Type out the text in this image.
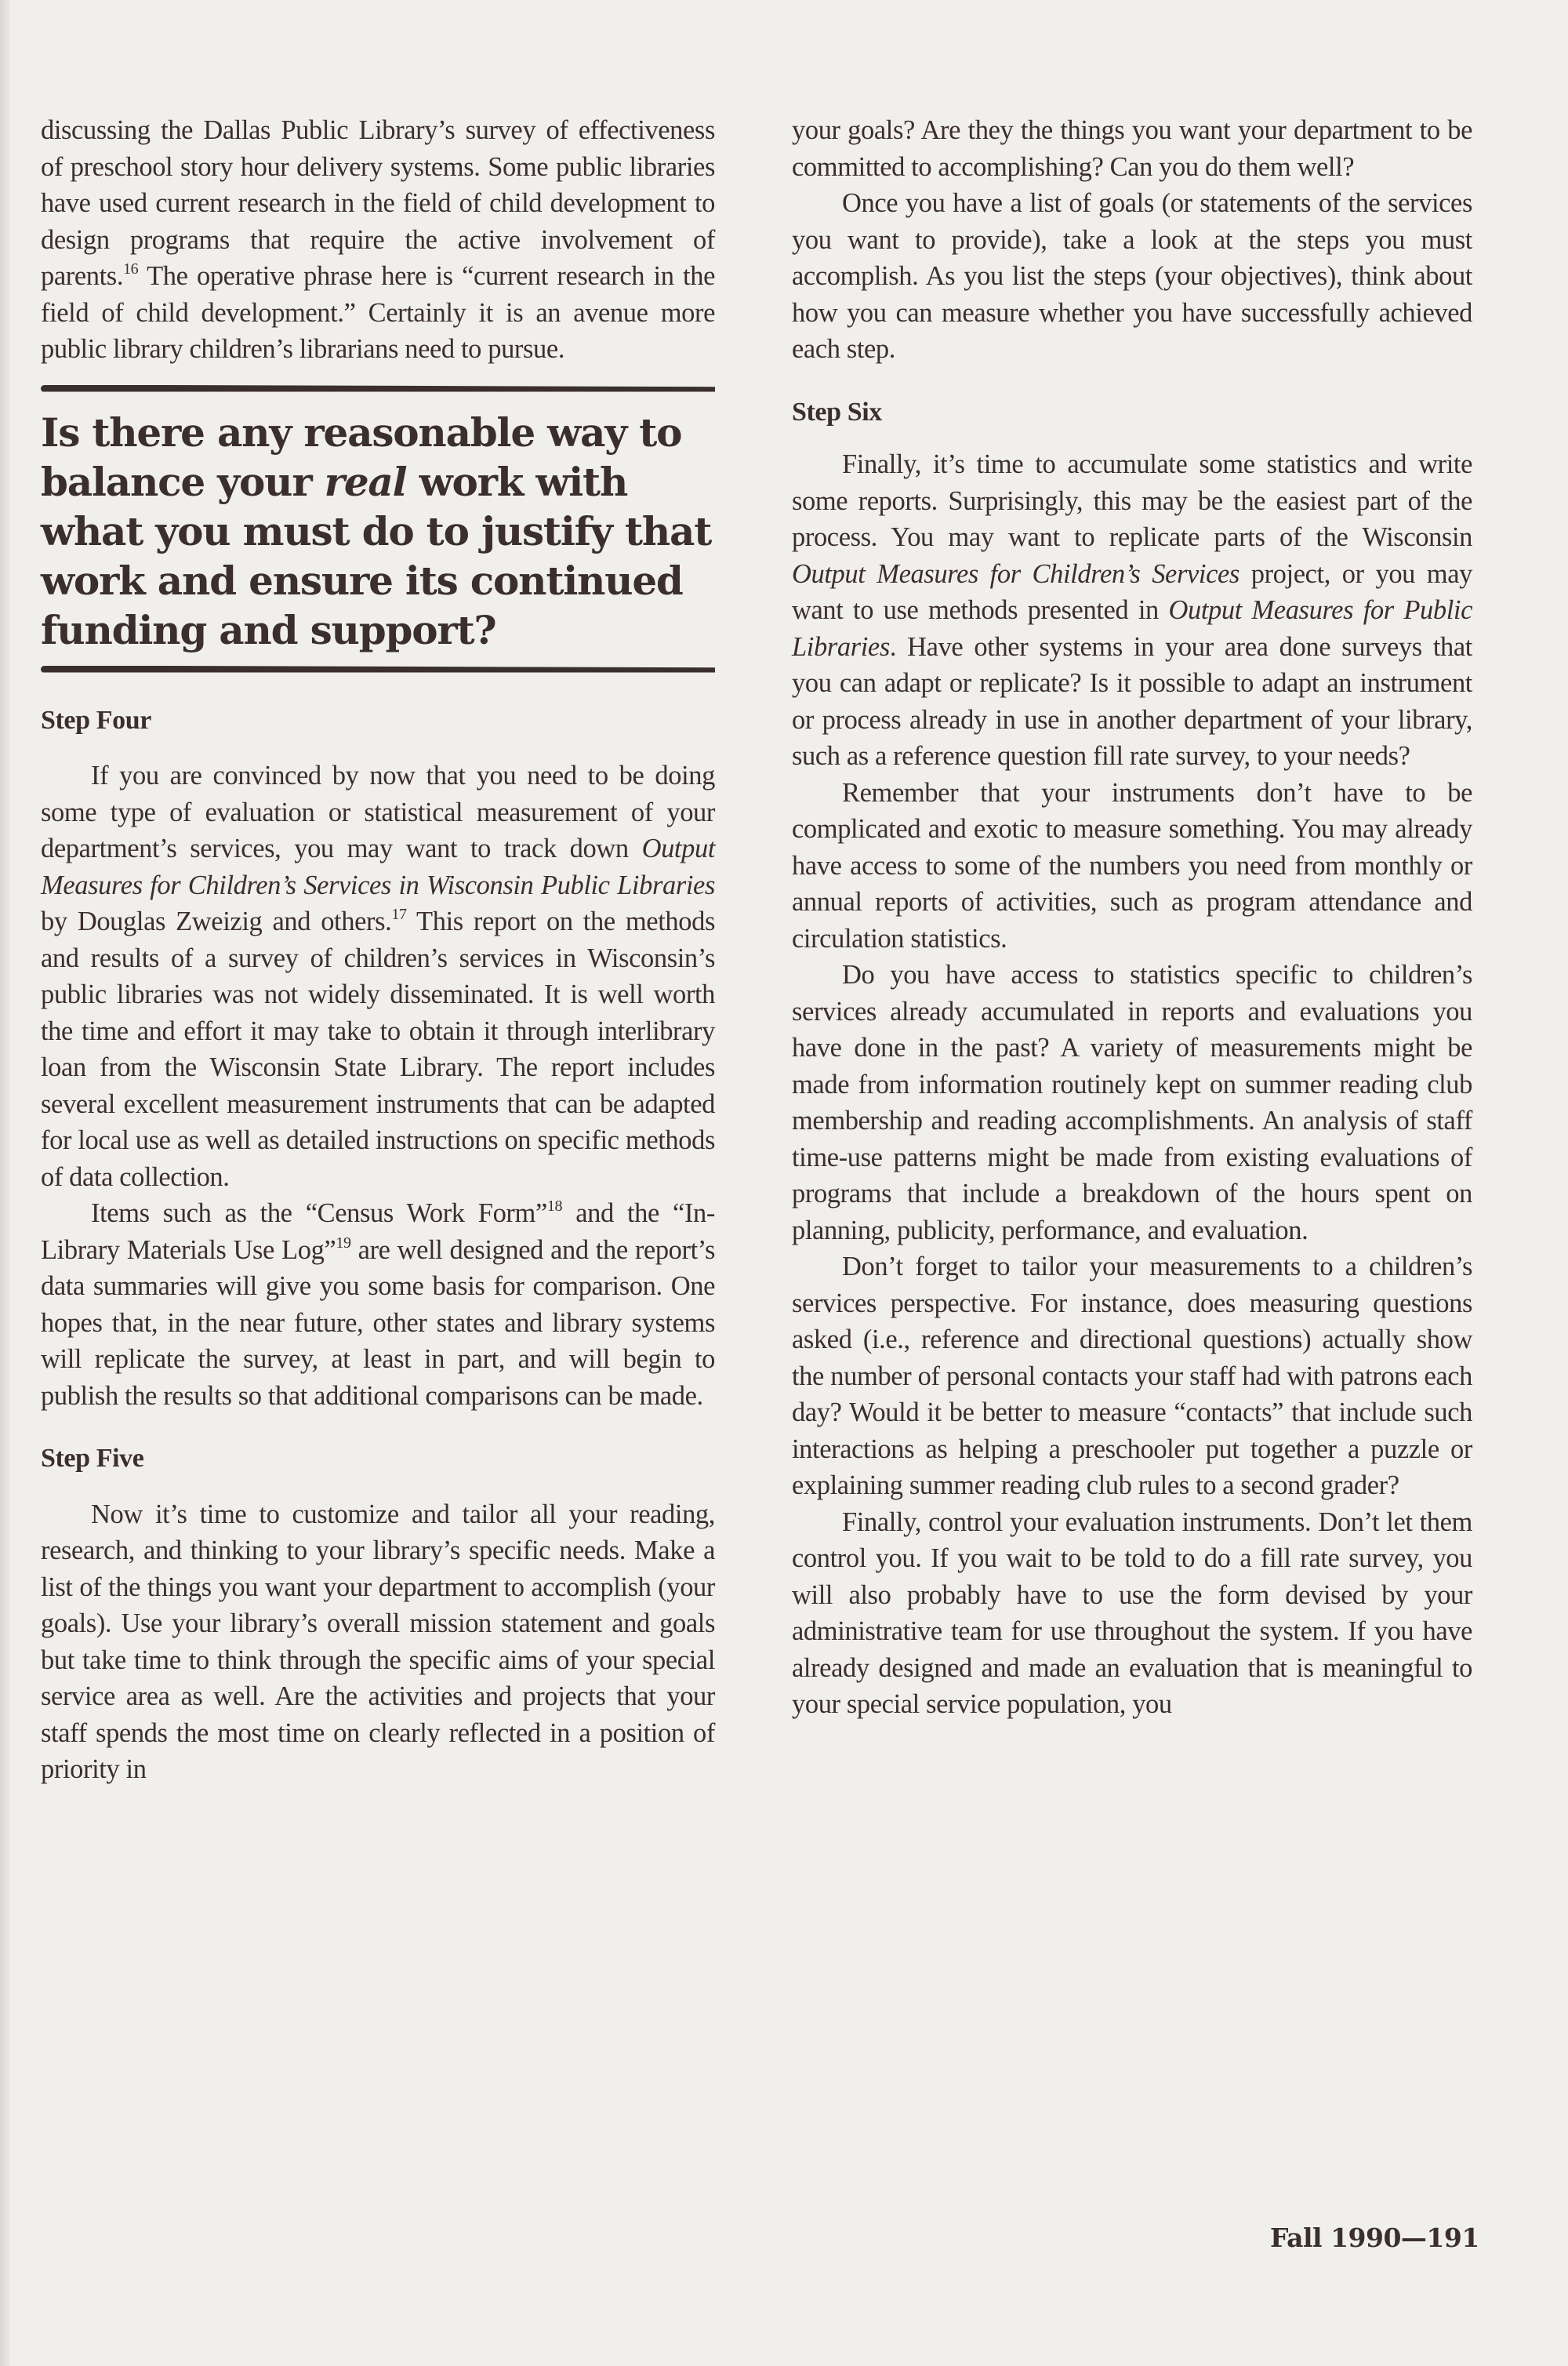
discussing the Dallas Public Library’s survey of effectiveness of preschool story hour delivery systems. Some public libraries have used current research in the field of child development to design programs that require the active involvement of parents.$^{16}$ The operative phrase here is “current research in the field of child development.” Certainly it is an avenue more public library children’s librarians need to pursue.

Is there any reasonable way to balance your real work with what you must do to justify that work and ensure its continued funding and support?

Step Four

If you are convinced by now that you need to be doing some type of evaluation or statistical measurement of your department’s services, you may want to track down Output Measures for Children’s Services in Wisconsin Public Libraries by Douglas Zweizig and others.$^{17}$ This report on the methods and results of a survey of children’s services in Wisconsin’s public libraries was not widely disseminated. It is well worth the time and effort it may take to obtain it through interlibrary loan from the Wisconsin State Library. The report includes several excellent measurement instruments that can be adapted for local use as well as detailed instructions on specific methods of data collection.

Items such as the “Census Work Form”$^{18}$ and the “In-Library Materials Use Log”$^{19}$ are well designed and the report’s data summaries will give you some basis for comparison. One hopes that, in the near future, other states and library systems will replicate the survey, at least in part, and will begin to publish the results so that additional comparisons can be made.

Step Five

Now it’s time to customize and tailor all your reading, research, and thinking to your library’s specific needs. Make a list of the things you want your department to accomplish (your goals). Use your library’s overall mission statement and goals but take time to think through the specific aims of your special service area as well. Are the activities and projects that your staff spends the most time on clearly reflected in a position of priority in

your goals? Are they the things you want your department to be committed to accomplishing? Can you do them well?

Once you have a list of goals (or statements of the services you want to provide), take a look at the steps you must accomplish. As you list the steps (your objectives), think about how you can measure whether you have successfully achieved each step.

Step Six

Finally, it’s time to accumulate some statistics and write some reports. Surprisingly, this may be the easiest part of the process. You may want to replicate parts of the Wisconsin Output Measures for Children’s Services project, or you may want to use methods presented in Output Measures for Public Libraries. Have other systems in your area done surveys that you can adapt or replicate? Is it possible to adapt an instrument or process already in use in another department of your library, such as a reference question fill rate survey, to your needs?

Remember that your instruments don’t have to be complicated and exotic to measure something. You may already have access to some of the numbers you need from monthly or annual reports of activities, such as program attendance and circulation statistics.

Do you have access to statistics specific to children’s services already accumulated in reports and evaluations you have done in the past? A variety of measurements might be made from information routinely kept on summer reading club membership and reading accomplishments. An analysis of staff time-use patterns might be made from existing evaluations of programs that include a breakdown of the hours spent on planning, publicity, performance, and evaluation.

Don’t forget to tailor your measurements to a children’s services perspective. For instance, does measuring questions asked (i.e., reference and directional questions) actually show the number of personal contacts your staff had with patrons each day? Would it be better to measure “contacts” that include such interactions as helping a preschooler put together a puzzle or explaining summer reading club rules to a second grader?

Finally, control your evaluation instruments. Don’t let them control you. If you wait to be told to do a fill rate survey, you will also probably have to use the form devised by your administrative team for use throughout the system. If you have already designed and made an evaluation that is meaningful to your special service population, you

Fall 1990—191
